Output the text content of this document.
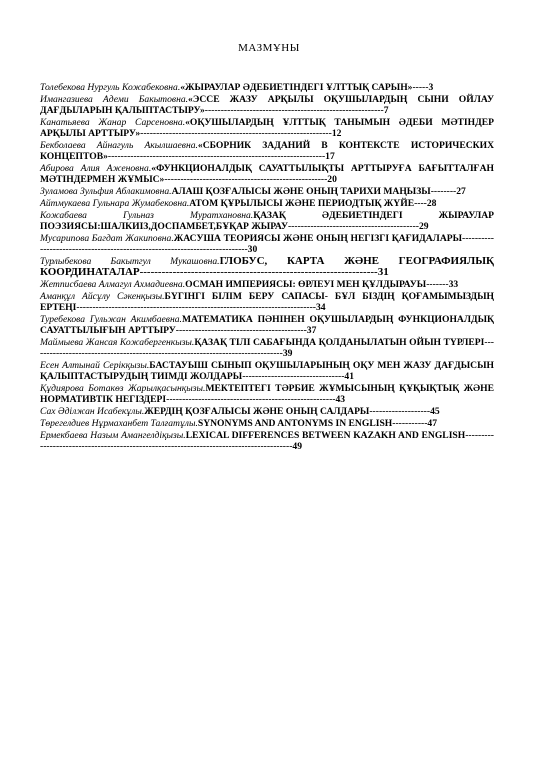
МАЗМҰНЫ
Толебекова Нургуль Кожабековна.«ЖЫРАУЛАР ӘДЕБИЕТІНДЕГІ ҰЛТТЫҚ САРЫН»-----3
Имангазиева Адеми Бакытовна.«ЭССЕ ЖАЗУ АРҚЫЛЫ ОҚУШЫЛАРДЫҢ СЫНИ ОЙЛАУ ДАҒДЫЛАРЫН ҚАЛЫПТАСТЫРУ»--------------------------------------------------------7
Канатьяева Жанар Сарсеновна.«ОҚУШЫЛАРДЫҢ ҰЛТТЫҚ ТАНЫМЫН ӘДЕБИ МӘТІНДЕР АРҚЫЛЫ АРТТЫРУ»------------------------------------------------------------12
Бекболаева Айнагуль Акылшаевна.«СБОРНИК ЗАДАНИЙ В КОНТЕКСТЕ ИСТОРИЧЕСКИХ КОНЦЕПТОВ»--------------------------------------------------------------------17
Абирова Алия Аженовна.«ФУНКЦИОНАЛДЫҚ САУАТТЫЛЫҚТЫ АРТТЫРУҒА БАҒЫТТАЛҒАН МӘТІНДЕРМЕН ЖҰМЫС»---------------------------------------------------20
Зуламова Зульфия Аблакимовна.АЛАШ ҚОЗҒАЛЫСЫ ЖӘНЕ ОНЫҢ ТАРИХИ МАҢЫЗЫ--------27
Айтмукаева Гульнара Жумабековна.АТОМ ҚҰРЫЛЫСЫ ЖӘНЕ ПЕРИОДТЫҚ ЖҮЙЕ----28
Кожабаева Гульназ Муратхановна.ҚАЗАҚ ӘДЕБИЕТІНДЕГІ ЖЫРАУЛАР ПОЭЗИЯСЫ:ШАЛКИІЗ,ДОСПАМБЕТ,БҰҚАР ЖЫРАУ-----------------------------------------29
Мусарипова Багдат Жакиповна.ЖАСУША ТЕОРИЯСЫ ЖӘНЕ ОНЫҢ НЕГІЗГІ ҚАҒИДАЛАРЫ---------------------------------------------------------------------------30
Турлыбекова Бакытгул Мукашовна.ГЛОБУС, КАРТА ЖӘНЕ ГЕОГРАФИЯЛЫҚ КООРДИНАТАЛАР-----------------------------------------------------------------31
Жетписбаева Алмагул Ахмадиевна.ОСМАН ИМПЕРИЯСЫ: ӨРЛЕУІ МЕН ҚҰЛДЫРАУЫ-------33
Аманқұл Айсұлу Сәкенқызы.БҮГІНГІ БІЛІМ БЕРУ САПАСЫ- БҰЛ БІЗДІҢ ҚОҒАМЫМЫЗДЫҢ ЕРТЕҢІ---------------------------------------------------------------------------34
Туребекова Гульжан Акимбаевна.МАТЕМАТИКА ПӘНІНЕН ОҚУШЫЛАРДЫҢ ФУНКЦИОНАЛДЫҚ САУАТТЫЛЫҒЫН АРТТЫРУ-----------------------------------------37
Маймыева Жансая Кожабергенкызы.ҚАЗАҚ ТІЛІ САБАҒЫНДА ҚОЛДАНЫЛАТЫН ОЙЫН ТҮРЛЕРІ-------------------------------------------------------------------------------39
Есен Алтынай Серікқызы.БАСТАУЫШ СЫНЫП ОҚУШЫЛАРЫНЫҢ ОҚУ МЕН ЖАЗУ ДАҒДЫСЫН ҚАЛЫПТАСТЫРУДЫҢ ТИІМДІ ЖОЛДАРЫ--------------------------------41
Құдиярова Ботакөз Жарылқасынқызы.МЕКТЕПТЕГІ ТӘРБИЕ ЖҰМЫСЫНЫҢ ҚҰҚЫҚТЫҚ ЖӘНЕ НОРМАТИВТІК НЕГІЗДЕРІ-----------------------------------------------------43
Сах Әділжан Исабекұлы.ЖЕРДІҢ ҚОЗҒАЛЫСЫ ЖӘНЕ ОНЫҢ САЛДАРЫ-------------------45
Төрегелдиев Нұрмаханбет Талғатұлы.SYNONYMS AND ANTONYMS IN ENGLISH-----------47
Ермекбаева Назым Амангелдіқызы.LEXICAL DIFFERENCES BETWEEN KAZAKH AND ENGLISH----------------------------------------------------------------------------------------49
